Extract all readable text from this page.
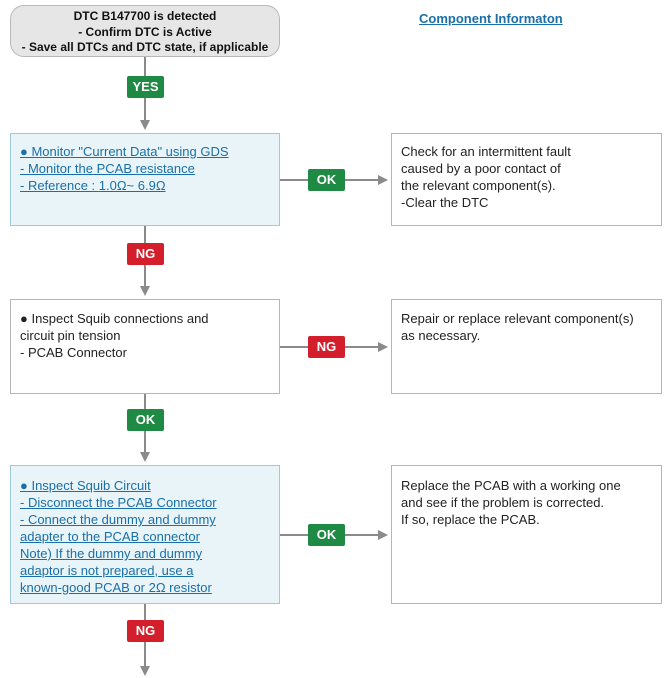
DTC B147700 is detected
- Confirm DTC is Active
- Save all DTCs and DTC state, if applicable
Component Informaton
YES
OK
NG
NG
OK
OK
NG
● Monitor "Current Data" using GDS
- Monitor the PCAB resistance
- Reference : 1.0Ω~ 6.9Ω
Check for an intermittent fault
caused by a poor contact of
the relevant component(s).
-Clear the DTC
● Inspect Squib connections and
circuit pin tension
- PCAB Connector
Repair or replace relevant component(s)
as necessary.
● Inspect Squib Circuit
- Disconnect the PCAB Connector
- Connect the dummy and dummy
adapter to the PCAB connector
Note) If the dummy and dummy
adaptor is not prepared, use a
known-good PCAB or 2Ω resistor
Replace the PCAB with a working one
and see if the problem is corrected.
If so, replace the PCAB.
